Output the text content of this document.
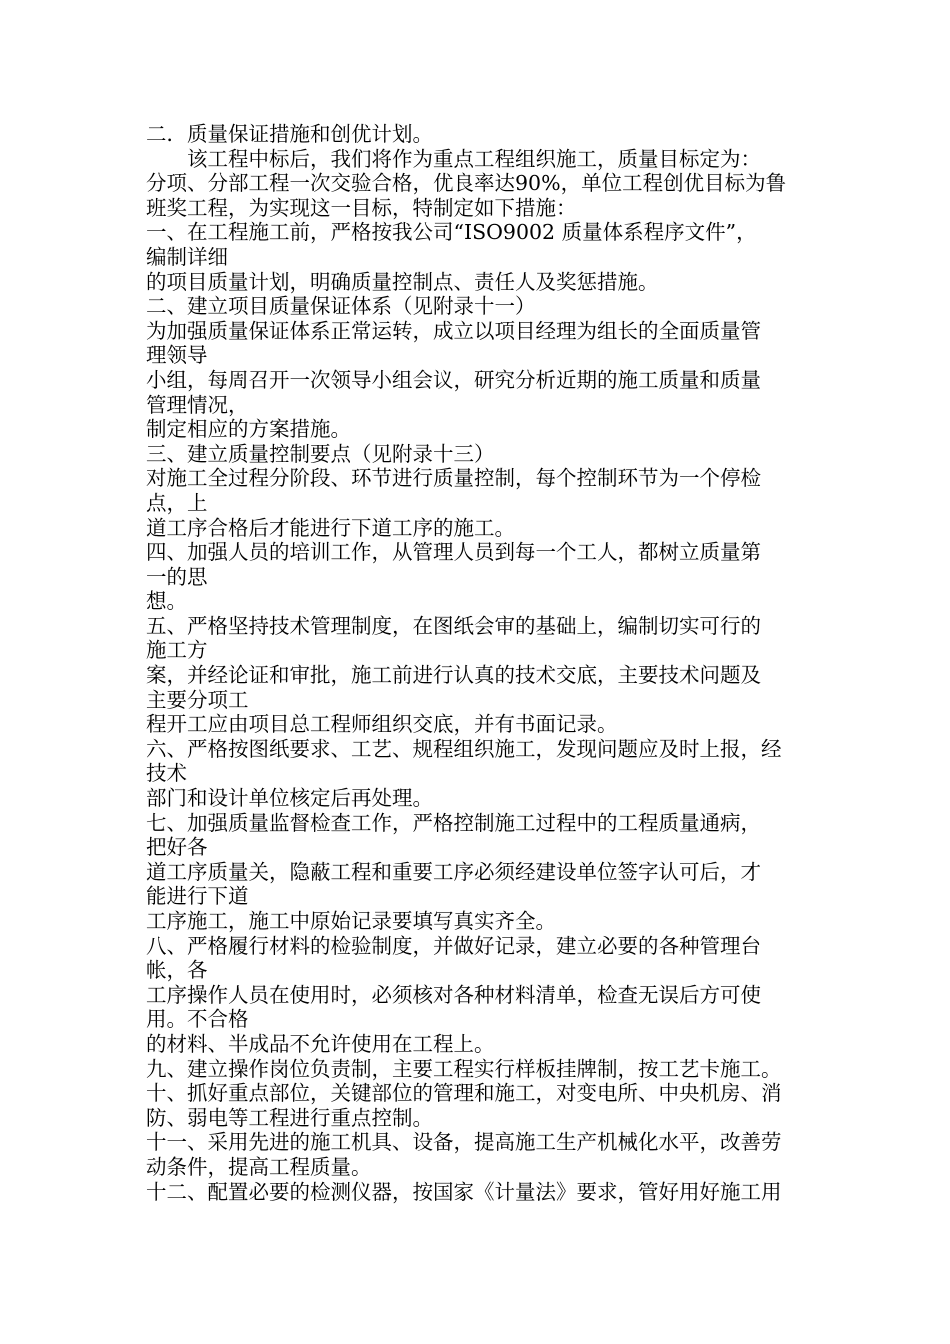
二．质量保证措施和创优计划。
　　该工程中标后，我们将作为重点工程组织施工，质量目标定为：
分项、分部工程一次交验合格，优良率达90%，单位工程创优目标为鲁
班奖工程，为实现这一目标，特制定如下措施：
一、在工程施工前，严格按我公司“ISO9002 质量体系程序文件”，
编制详细
的项目质量计划，明确质量控制点、责任人及奖惩措施。
二、建立项目质量保证体系（见附录十一）
为加强质量保证体系正常运转，成立以项目经理为组长的全面质量管
理领导
小组，每周召开一次领导小组会议，研究分析近期的施工质量和质量
管理情况，
制定相应的方案措施。
三、建立质量控制要点（见附录十三）
对施工全过程分阶段、环节进行质量控制，每个控制环节为一个停检
点，上
道工序合格后才能进行下道工序的施工。
四、加强人员的培训工作，从管理人员到每一个工人，都树立质量第
一的思
想。
五、严格坚持技术管理制度，在图纸会审的基础上，编制切实可行的
施工方
案，并经论证和审批，施工前进行认真的技术交底，主要技术问题及
主要分项工
程开工应由项目总工程师组织交底，并有书面记录。
六、严格按图纸要求、工艺、规程组织施工，发现问题应及时上报，经
技术
部门和设计单位核定后再处理。
七、加强质量监督检查工作，严格控制施工过程中的工程质量通病，
把好各
道工序质量关，隐蔽工程和重要工序必须经建设单位签字认可后，才
能进行下道
工序施工，施工中原始记录要填写真实齐全。
八、严格履行材料的检验制度，并做好记录，建立必要的各种管理台
帐，各
工序操作人员在使用时，必须核对各种材料清单，检查无误后方可使
用。不合格
的材料、半成品不允许使用在工程上。
九、建立操作岗位负责制，主要工程实行样板挂牌制，按工艺卡施工。
十、抓好重点部位，关键部位的管理和施工，对变电所、中央机房、消
防、弱电等工程进行重点控制。
十一、采用先进的施工机具、设备，提高施工生产机械化水平，改善劳
动条件，提高工程质量。
十二、配置必要的检测仪器，按国家《计量法》要求，管好用好施工用
